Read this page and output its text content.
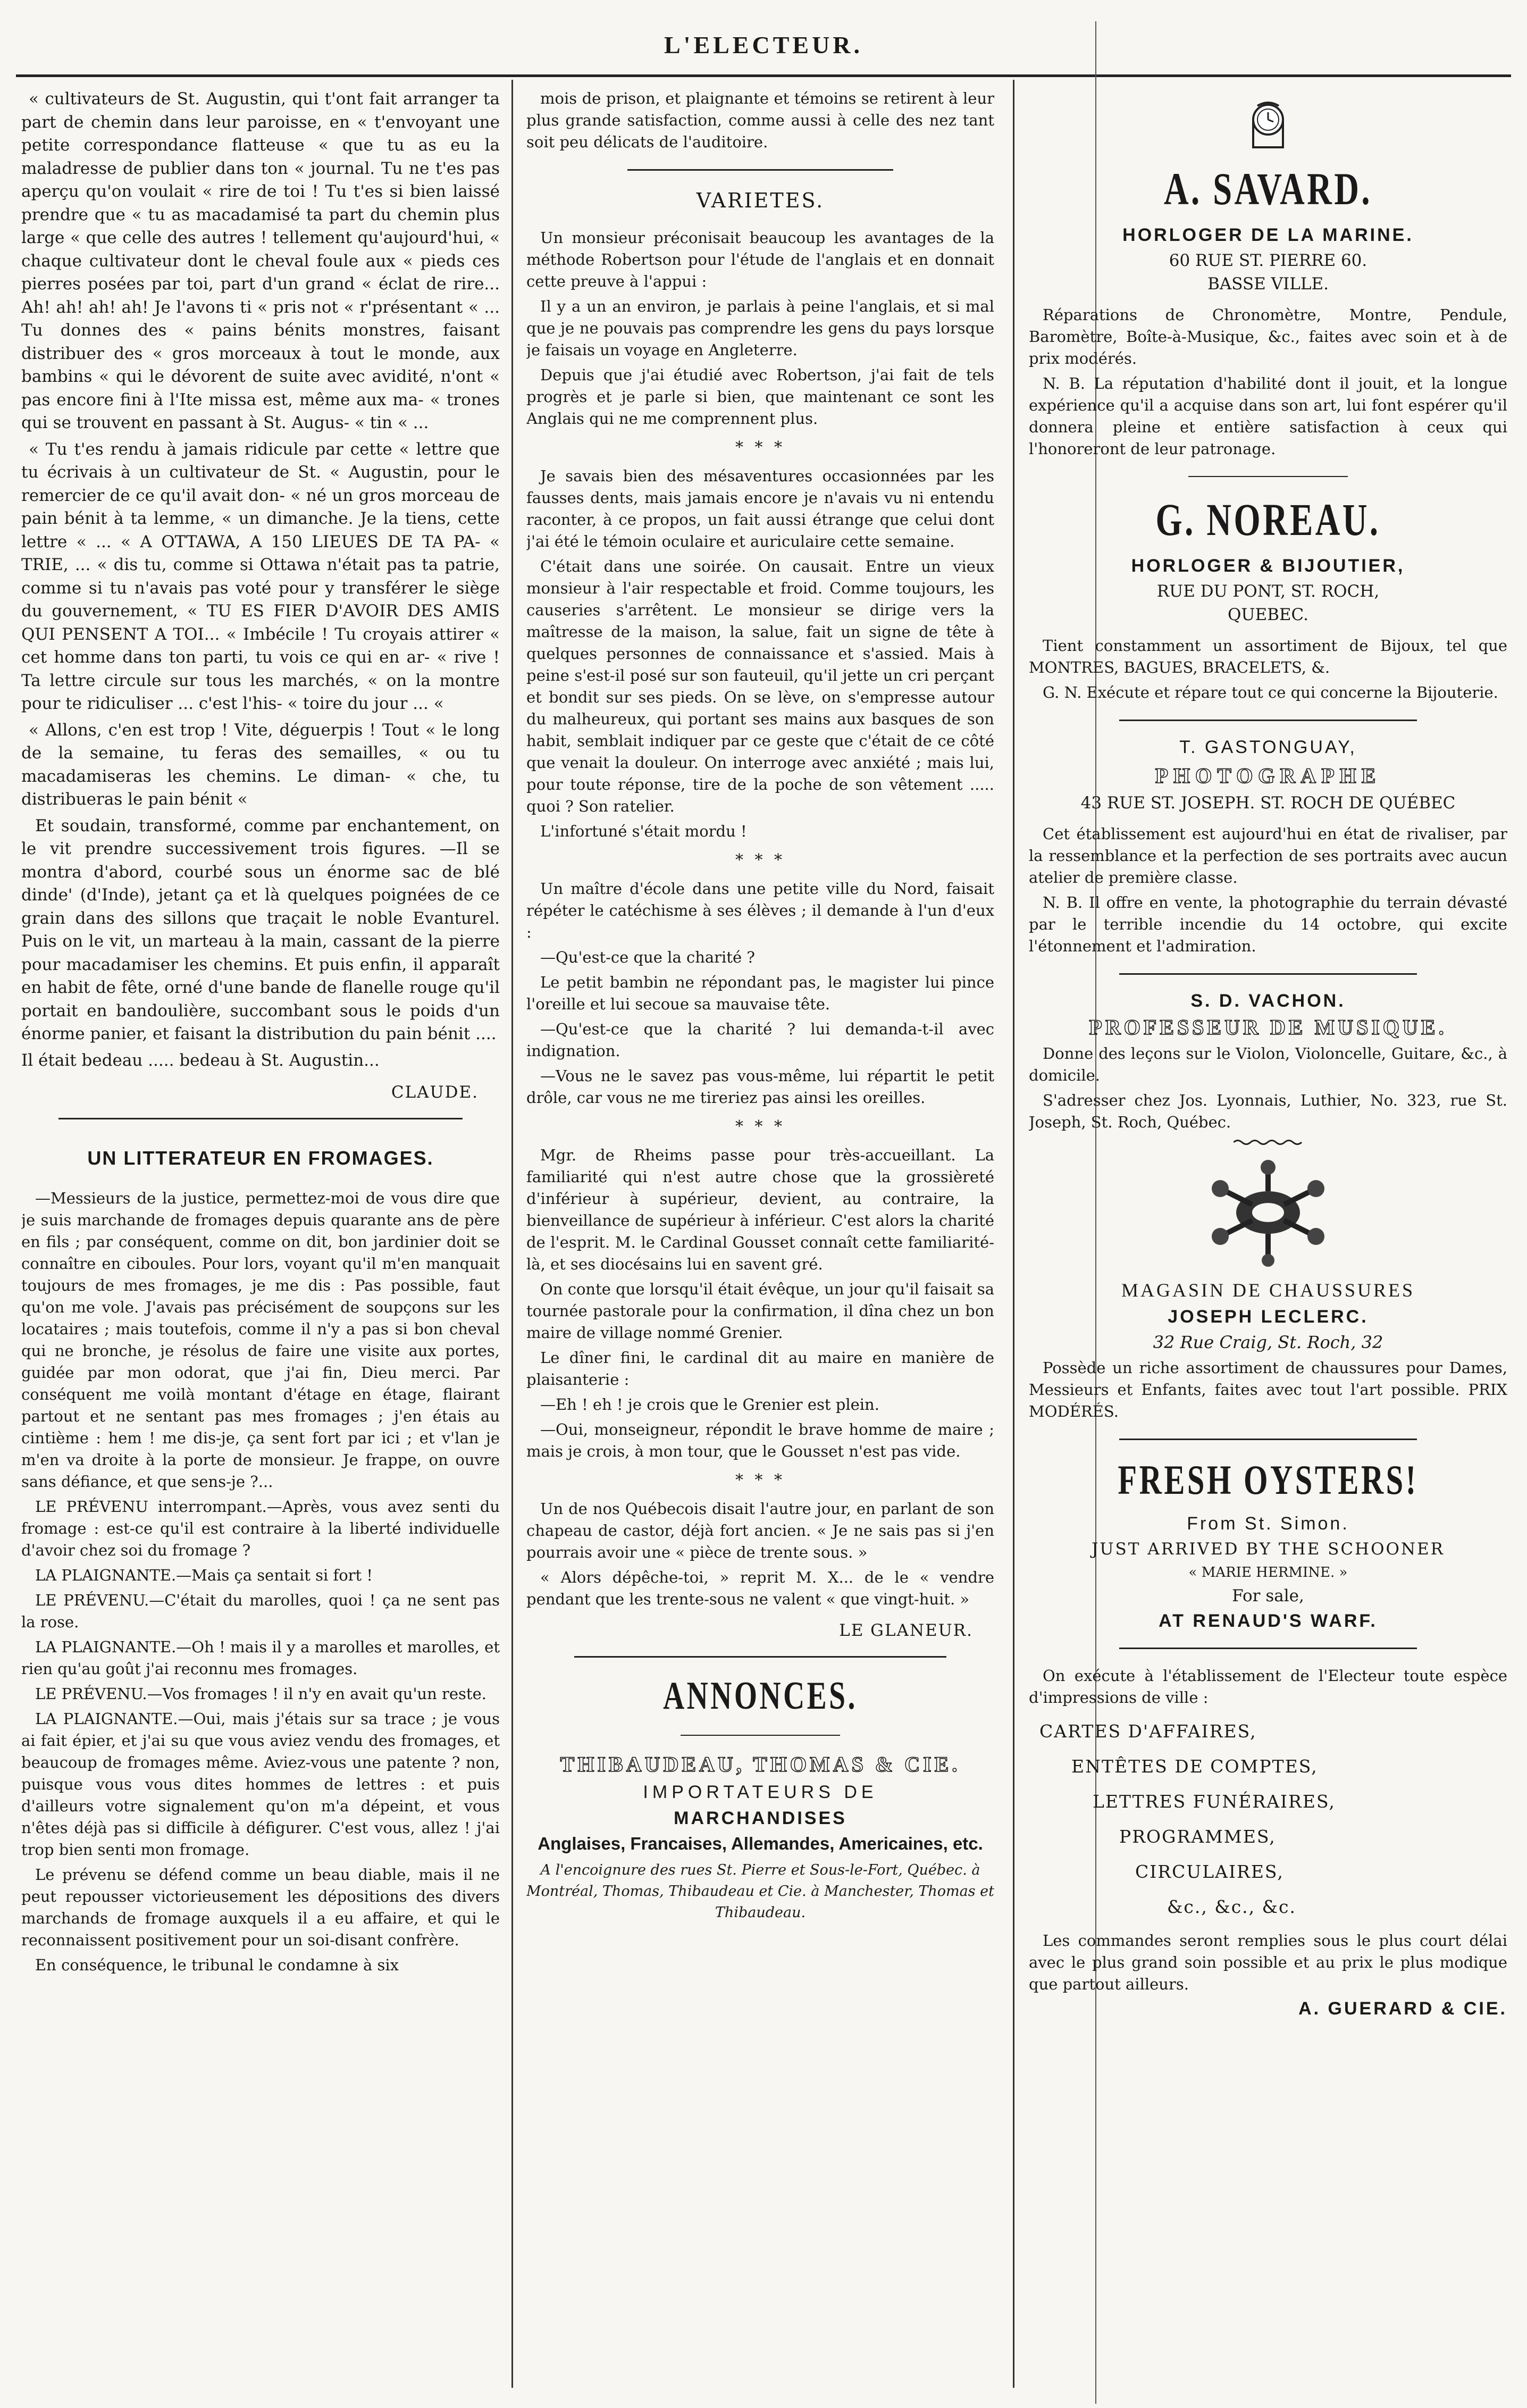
L'ELECTEUR.

« cultivateurs de St. Augustin, qui t'ont fait arranger ta part de chemin dans leur paroisse, en « t'envoyant une petite correspondance flatteuse « que tu as eu la maladresse de publier dans ton « journal. Tu ne t'es pas aperçu qu'on voulait « rire de toi ! Tu t'es si bien laissé prendre que « tu as macadamisé ta part du chemin plus large « que celle des autres ! tellement qu'aujourd'hui, « chaque cultivateur dont le cheval foule aux « pieds ces pierres posées par toi, part d'un grand « éclat de rire... Ah! ah! ah! ah! Je l'avons ti « pris not « r'présentant « ... Tu donnes des « pains bénits monstres, faisant distribuer des « gros morceaux à tout le monde, aux bambins « qui le dévorent de suite avec avidité, n'ont « pas encore fini à l'Ite missa est, même aux ma- « trones qui se trouvent en passant à St. Augus- « tin « ...

« Tu t'es rendu à jamais ridicule par cette « lettre que tu écrivais à un cultivateur de St. « Augustin, pour le remercier de ce qu'il avait don- « né un gros morceau de pain bénit à ta lemme, « un dimanche. Je la tiens, cette lettre « ... « A OTTAWA, A 150 LIEUES DE TA PA- « TRIE, ... « dis tu, comme si Ottawa n'était pas ta patrie, comme si tu n'avais pas voté pour y transférer le siège du gouvernement, « TU ES FIER D'AVOIR DES AMIS QUI PENSENT A TOI... « Imbécile ! Tu croyais attirer « cet homme dans ton parti, tu vois ce qui en ar- « rive ! Ta lettre circule sur tous les marchés, « on la montre pour te ridiculiser ... c'est l'his- « toire du jour ... «

« Allons, c'en est trop ! Vite, déguerpis ! Tout « le long de la semaine, tu feras des semailles, « ou tu macadamiseras les chemins. Le diman- « che, tu distribueras le pain bénit «

Et soudain, transformé, comme par enchantement, on le vit prendre successivement trois figures. —Il se montra d'abord, courbé sous un énorme sac de blé dinde' (d'Inde), jetant ça et là quelques poignées de ce grain dans des sillons que traçait le noble Evanturel. Puis on le vit, un marteau à la main, cassant de la pierre pour macadamiser les chemins. Et puis enfin, il apparaît en habit de fête, orné d'une bande de flanelle rouge qu'il portait en bandoulière, succombant sous le poids d'un énorme panier, et faisant la distribution du pain bénit ....

Il était bedeau ..... bedeau à St. Augustin...

CLAUDE.
UN LITTERATEUR EN FROMAGES.

—Messieurs de la justice, permettez-moi de vous dire que je suis marchande de fromages depuis quarante ans de père en fils ; par conséquent, comme on dit, bon jardinier doit se connaître en ciboules. Pour lors, voyant qu'il m'en manquait toujours de mes fromages, je me dis : Pas possible, faut qu'on me vole. J'avais pas précisément de soupçons sur les locataires ; mais toutefois, comme il n'y a pas si bon cheval qui ne bronche, je résolus de faire une visite aux portes, guidée par mon odorat, que j'ai fin, Dieu merci. Par conséquent me voilà montant d'étage en étage, flairant partout et ne sentant pas mes fromages ; j'en étais au cintième : hem ! me dis-je, ça sent fort par ici ; et v'lan je m'en va droite à la porte de monsieur. Je frappe, on ouvre sans défiance, et que sens-je ?...

LE PRÉVENU interrompant.—Après, vous avez senti du fromage : est-ce qu'il est contraire à la liberté individuelle d'avoir chez soi du fromage ?

LA PLAIGNANTE.—Mais ça sentait si fort !

LE PRÉVENU.—C'était du marolles, quoi ! ça ne sent pas la rose.

LA PLAIGNANTE.—Oh ! mais il y a marolles et marolles, et rien qu'au goût j'ai reconnu mes fromages.

LE PRÉVENU.—Vos fromages ! il n'y en avait qu'un reste.

LA PLAIGNANTE.—Oui, mais j'étais sur sa trace ; je vous ai fait épier, et j'ai su que vous aviez vendu des fromages, et beaucoup de fromages même. Aviez-vous une patente ? non, puisque vous vous dites hommes de lettres : et puis d'ailleurs votre signalement qu'on m'a dépeint, et vous n'êtes déjà pas si difficile à défigurer. C'est vous, allez ! j'ai trop bien senti mon fromage.

Le prévenu se défend comme un beau diable, mais il ne peut repousser victorieusement les dépositions des divers marchands de fromage auxquels il a eu affaire, et qui le reconnaissent positivement pour un soi-disant confrère.

En conséquence, le tribunal le condamne à six

mois de prison, et plaignante et témoins se retirent à leur plus grande satisfaction, comme aussi à celle des nez tant soit peu délicats de l'auditoire.

VARIETES.

Un monsieur préconisait beaucoup les avantages de la méthode Robertson pour l'étude de l'anglais et en donnait cette preuve à l'appui :

Il y a un an environ, je parlais à peine l'anglais, et si mal que je ne pouvais pas comprendre les gens du pays lorsque je faisais un voyage en Angleterre.

Depuis que j'ai étudié avec Robertson, j'ai fait de tels progrès et je parle si bien, que maintenant ce sont les Anglais qui ne me comprennent plus.

* * *

Je savais bien des mésaventures occasionnées par les fausses dents, mais jamais encore je n'avais vu ni entendu raconter, à ce propos, un fait aussi étrange que celui dont j'ai été le témoin oculaire et auriculaire cette semaine.

C'était dans une soirée. On causait. Entre un vieux monsieur à l'air respectable et froid. Comme toujours, les causeries s'arrêtent. Le monsieur se dirige vers la maîtresse de la maison, la salue, fait un signe de tête à quelques personnes de connaissance et s'assied. Mais à peine s'est-il posé sur son fauteuil, qu'il jette un cri perçant et bondit sur ses pieds. On se lève, on s'empresse autour du malheureux, qui portant ses mains aux basques de son habit, semblait indiquer par ce geste que c'était de ce côté que venait la douleur. On interroge avec anxiété ; mais lui, pour toute réponse, tire de la poche de son vêtement ..... quoi ? Son ratelier.

L'infortuné s'était mordu !

* * *

Un maître d'école dans une petite ville du Nord, faisait répéter le catéchisme à ses élèves ; il demande à l'un d'eux :

—Qu'est-ce que la charité ?

Le petit bambin ne répondant pas, le magister lui pince l'oreille et lui secoue sa mauvaise tête.

—Qu'est-ce que la charité ? lui demanda-t-il avec indignation.

—Vous ne le savez pas vous-même, lui répartit le petit drôle, car vous ne me tireriez pas ainsi les oreilles.

* * *

Mgr. de Rheims passe pour très-accueillant. La familiarité qui n'est autre chose que la grossièreté d'inférieur à supérieur, devient, au contraire, la bienveillance de supérieur à inférieur. C'est alors la charité de l'esprit. M. le Cardinal Gousset connaît cette familiarité-là, et ses diocésains lui en savent gré.

On conte que lorsqu'il était évêque, un jour qu'il faisait sa tournée pastorale pour la confirmation, il dîna chez un bon maire de village nommé Grenier.

Le dîner fini, le cardinal dit au maire en manière de plaisanterie :

—Eh ! eh ! je crois que le Grenier est plein.

—Oui, monseigneur, répondit le brave homme de maire ; mais je crois, à mon tour, que le Gousset n'est pas vide.

* * *

Un de nos Québecois disait l'autre jour, en parlant de son chapeau de castor, déjà fort ancien. « Je ne sais pas si j'en pourrais avoir une « pièce de trente sous. »

« Alors dépêche-toi, » reprit M. X... de le « vendre pendant que les trente-sous ne valent « que vingt-huit. »

LE GLANEUR.
ANNONCES.
THIBAUDEAU, THOMAS & CIE.
IMPORTATEURS DE
MARCHANDISES
Anglaises, Francaises, Allemandes, Americaines, etc.
A l'encoignure des rues St. Pierre et Sous-le-Fort, Québec. à Montréal, Thomas, Thibaudeau et Cie. à Manchester, Thomas et Thibaudeau.
A. SAVARD.
HORLOGER DE LA MARINE.
60 RUE ST. PIERRE 60.
BASSE VILLE.

Réparations de Chronomètre, Montre, Pendule, Baromètre, Boîte-à-Musique, &c., faites avec soin et à de prix modérés.

N. B. La réputation d'habilité dont il jouit, et la longue expérience qu'il a acquise dans son art, lui font espérer qu'il donnera pleine et entière satisfaction à ceux qui l'honoreront de leur patronage.

G. NOREAU.
HORLOGER & BIJOUTIER,
RUE DU PONT, ST. ROCH,
QUEBEC.

Tient constamment un assortiment de Bijoux, tel que MONTRES, BAGUES, BRACELETS, &.

G. N. Exécute et répare tout ce qui concerne la Bijouterie.

T. GASTONGUAY,
PHOTOGRAPHE
43 RUE ST. JOSEPH. ST. ROCH DE QUÉBEC

Cet établissement est aujourd'hui en état de rivaliser, par la ressemblance et la perfection de ses portraits avec aucun atelier de première classe.

N. B. Il offre en vente, la photographie du terrain dévasté par le terrible incendie du 14 octobre, qui excite l'étonnement et l'admiration.

S. D. VACHON.
PROFESSEUR DE MUSIQUE.

Donne des leçons sur le Violon, Violoncelle, Guitare, &c., à domicile.

S'adresser chez Jos. Lyonnais, Luthier, No. 323, rue St. Joseph, St. Roch, Québec.

MAGASIN DE CHAUSSURES
JOSEPH LECLERC.
32 Rue Craig, St. Roch, 32

Possède un riche assortiment de chaussures pour Dames, Messieurs et Enfants, faites avec tout l'art possible. PRIX MODÉRÉS.

FRESH OYSTERS!
From St. Simon.
JUST ARRIVED BY THE SCHOONER
« MARIE HERMINE. »
For sale,
AT RENAUD'S WARF.

On exécute à l'établissement de l'Electeur toute espèce d'impressions de ville :

CARTES D'AFFAIRES,
ENTÊTES DE COMPTES,
LETTRES FUNÉRAIRES,
PROGRAMMES,
CIRCULAIRES,
&c., &c., &c.

Les commandes seront remplies sous le plus court délai avec le plus grand soin possible et au prix le plus modique que partout ailleurs.

A. GUERARD & CIE.
